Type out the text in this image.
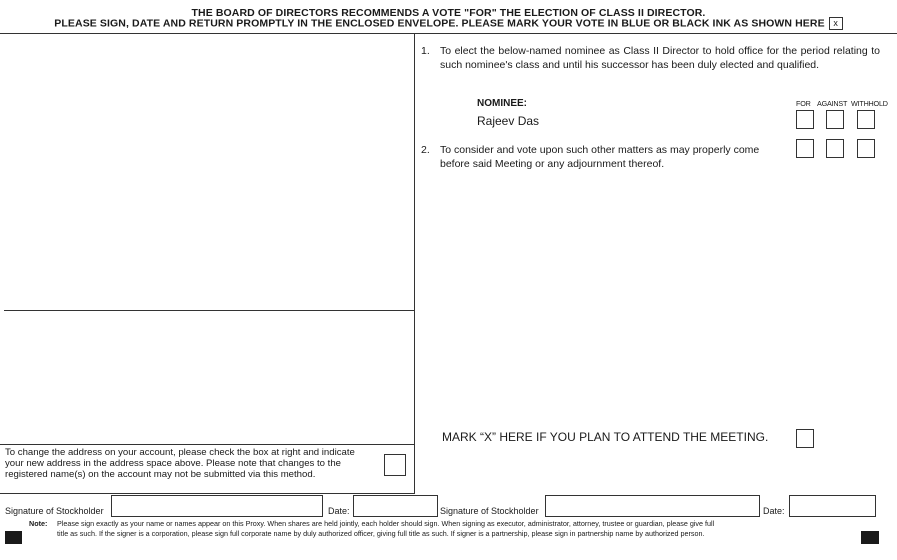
THE BOARD OF DIRECTORS RECOMMENDS A VOTE "FOR" THE ELECTION OF CLASS II DIRECTOR.
PLEASE SIGN, DATE AND RETURN PROMPTLY IN THE ENCLOSED ENVELOPE. PLEASE MARK YOUR VOTE IN BLUE OR BLACK INK AS SHOWN HERE x
1. To elect the below-named nominee as Class II Director to hold office for the period relating to such nominee's class and until his successor has been duly elected and qualified.
FOR AGAINST WITHHOLD
NOMINEE:
Rajeev Das
2. To consider and vote upon such other matters as may properly come before said Meeting or any adjournment thereof.
MARK “X” HERE IF YOU PLAN TO ATTEND THE MEETING.
To change the address on your account, please check the box at right and indicate your new address in the address space above. Please note that changes to the registered name(s) on the account may not be submitted via this method.
Signature of Stockholder	Date:	Signature of Stockholder	Date:
Note: Please sign exactly as your name or names appear on this Proxy. When shares are held jointly, each holder should sign. When signing as executor, administrator, attorney, trustee or guardian, please give full
title as such. If the signer is a corporation, please sign full corporate name by duly authorized officer, giving full title as such. If signer is a partnership, please sign in partnership name by authorized person.
